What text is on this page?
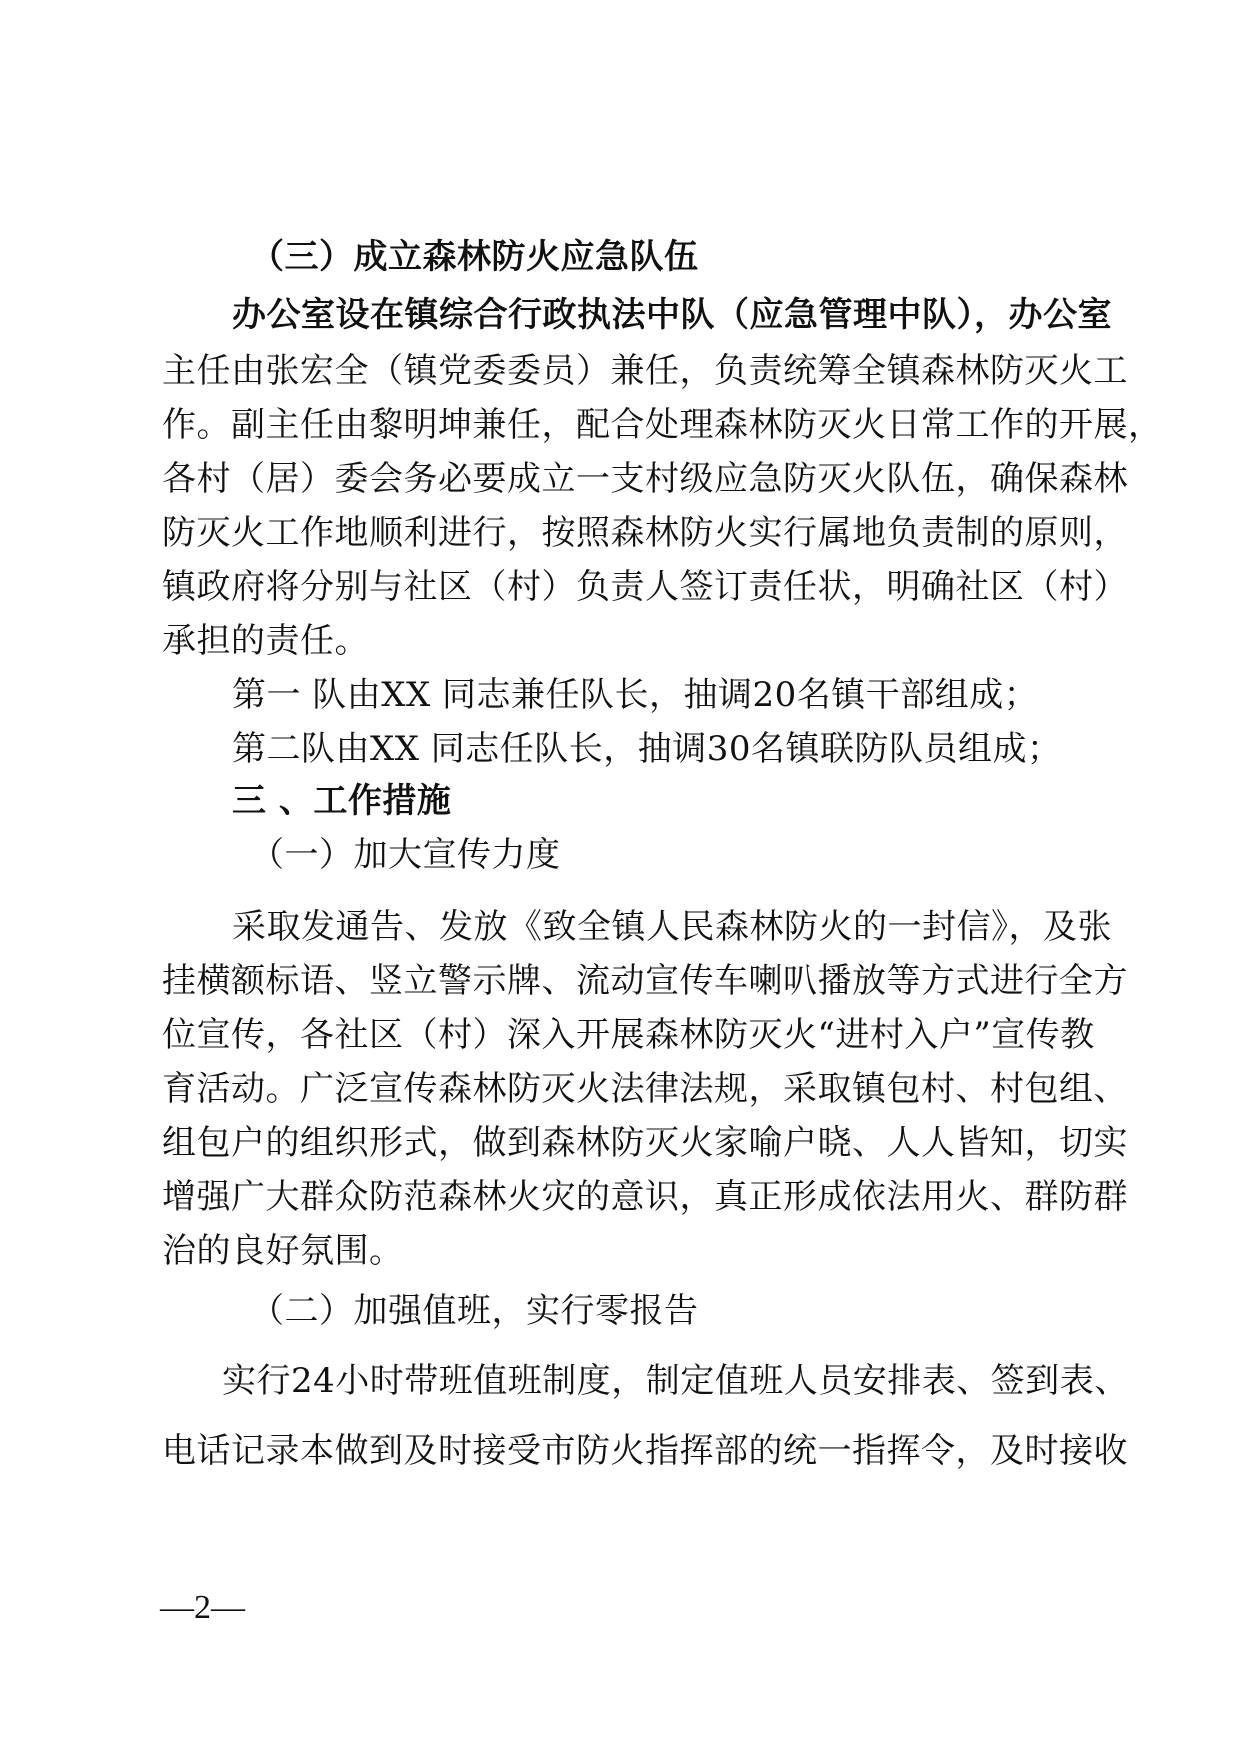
（三）成立森林防火应急队伍
办公室设在镇综合行政执法中队（应急管理中队），办公室
主任由张宏全（镇党委委员）兼任，负责统筹全镇森林防灭火工
作。副主任由黎明坤兼任，配合处理森林防灭火日常工作的开展，
各村（居）委会务必要成立一支村级应急防灭火队伍，确保森林
防灭火工作地顺利进行，按照森林防火实行属地负责制的原则，
镇政府将分别与社区（村）负责人签订责任状，明确社区（村）
承担的责任。
第一 队由XX 同志兼任队长，抽调20名镇干部组成；
第二队由XX 同志任队长，抽调30名镇联防队员组成；
三 、工作措施
（一）加大宣传力度
采取发通告、发放《致全镇人民森林防火的一封信》，及张
挂横额标语、竖立警示牌、流动宣传车喇叭播放等方式进行全方
位宣传，各社区（村）深入开展森林防灭火“进村入户”宣传教
育活动。广泛宣传森林防灭火法律法规，采取镇包村、村包组、
组包户的组织形式，做到森林防灭火家喻户晓、人人皆知，切实
增强广大群众防范森林火灾的意识，真正形成依法用火、群防群
治的良好氛围。
（二）加强值班，实行零报告
实行24小时带班值班制度，制定值班人员安排表、签到表、
电话记录本做到及时接受市防火指挥部的统一指挥令，及时接收
—2—
